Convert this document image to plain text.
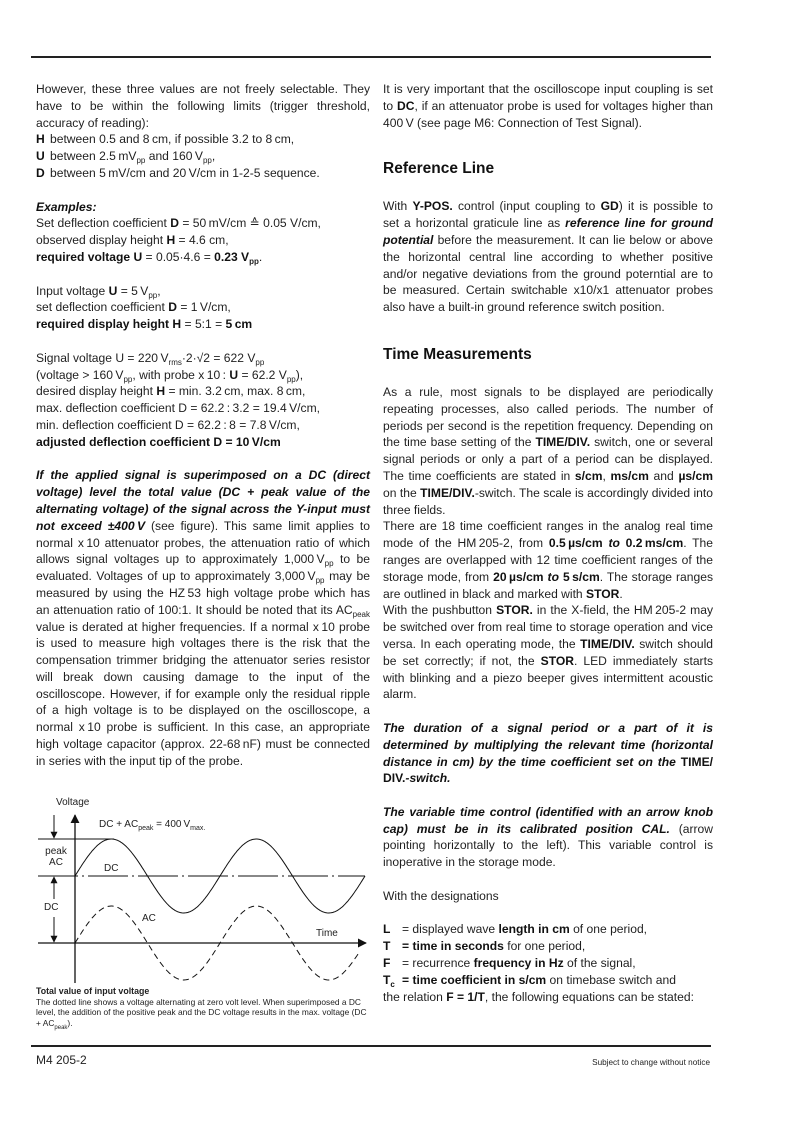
However, these three values are not freely selectable. They have to be within the following limits (trigger threshold, accuracy of reading):

H between 0.5 and 8 cm, if possible 3.2 to 8 cm,
U between 2.5 $mV_{pp}$ and 160 $V_{pp}$,
D between 5 mV/cm and 20 V/cm in 1-2-5 sequence.
Examples:
Set deflection coefficient D = 50 mV/cm ≙ 0.05 V/cm,
observed display height H = 4.6 cm,
required voltage U = 0.05·4.6 = 0.23 $V_{pp}$.
Input voltage U = 5 $V_{pp}$,
set deflection coefficient D = 1 V/cm,
required display height H = 5:1 = 5 cm
Signal voltage U = 220 $V_{rms}\cdot 2\cdot√2 = 622$ $V_{pp}$
(voltage > 160 $V_{pp}$, with probe x 10 : U = 62.2 $V_{pp}$),
desired display height H = min. 3.2 cm, max. 8 cm,
max. deflection coefficient D = 62.2 : 3.2 = 19.4 V/cm,
min. deflection coefficient D = 62.2 : 8 = 7.8 V/cm,
adjusted deflection coefficient D = 10 V/cm

If the applied signal is superimposed on a DC (direct voltage) level the total value (DC + peak value of the alternating voltage) of the signal across the Y-input must not exceed ±400 V (see figure). This same limit applies to normal x 10 attenuator probes, the attenuation ratio of which allows signal voltages up to approximately 1,000 $V_{pp}$ to be evaluated. Voltages of up to approximately 3,000 $V_{pp}$ may be measured by using the HZ 53 high voltage probe which has an attenuation ratio of 100:1. It should be noted that its $AC_{peak}$ value is derated at higher frequencies. If a normal x 10 probe is used to measure high voltages there is the risk that the compensation trimmer bridging the attenuator series resistor will break down causing damage to the input of the oscilloscope. However, if for example only the residual ripple of a high voltage is to be displayed on the oscilloscope, a normal x 10 probe is sufficient. In this case, an appropriate high voltage capacitor (approx. 22-68 nF) must be connected in series with the input tip of the probe.

Voltage
DC + $AC_{peak} = 400$ $V_{max.}$
peak
AC
DC
DC
AC
Time
Total value of input voltage
The dotted line shows a voltage alternating at zero volt level. When superimposed a DC level, the addition of the positive peak and the DC voltage results in the max. voltage $(DC + AC_{peak})$.

It is very important that the oscilloscope input coupling is set to DC, if an attenuator probe is used for voltages higher than 400 V (see page M6: Connection of Test Signal).

Reference Line

With Y-POS. control (input coupling to GD) it is possible to set a horizontal graticule line as reference line for ground potential before the measurement. It can lie below or above the horizontal central line according to whether positive and/or negative deviations from the ground poterntial are to be measured. Certain switchable x10/x1 attenuator probes also have a built-in ground reference switch position.

Time Measurements

As a rule, most signals to be displayed are periodically repeating processes, also called periods. The number of periods per second is the repetition frequency. Depending on the time base setting of the TIME/DIV. switch, one or several signal periods or only a part of a period can be displayed. The time coefficients are stated in s/cm, ms/cm and µs/cm on the TIME/DIV.-switch. The scale is accordingly divided into three fields.

There are 18 time coefficient ranges in the analog real time mode of the HM 205-2, from 0.5 µs/cm to 0.2 ms/cm. The ranges are overlapped with 12 time coefficient ranges of the storage mode, from 20 µs/cm to 5 s/cm. The storage ranges are outlined in black and marked with STOR.

With the pushbutton STOR. in the X-field, the HM 205-2 may be switched over from real time to storage operation and vice versa. In each operating mode, the TIME/DIV. switch should be set correctly; if not, the STOR. LED immediately starts with blinking and a piezo beeper gives intermittent acoustic alarm.

The duration of a signal period or a part of it is determined by multiplying the relevant time (horizontal distance in cm) by the time coefficient set on the TIME/ DIV.-switch.

The variable time control (identified with an arrow knob cap) must be in its calibrated position CAL. (arrow pointing horizontally to the left). This variable control is inoperative in the storage mode.

With the designations

L = displayed wave length in cm of one period,
T = time in seconds for one period,
F = recurrence frequency in Hz of the signal,
$T_c$ = time coefficient in s/cm on timebase switch and

the relation F = 1/T, the following equations can be stated:

M4 205-2	Subject to change without notice
